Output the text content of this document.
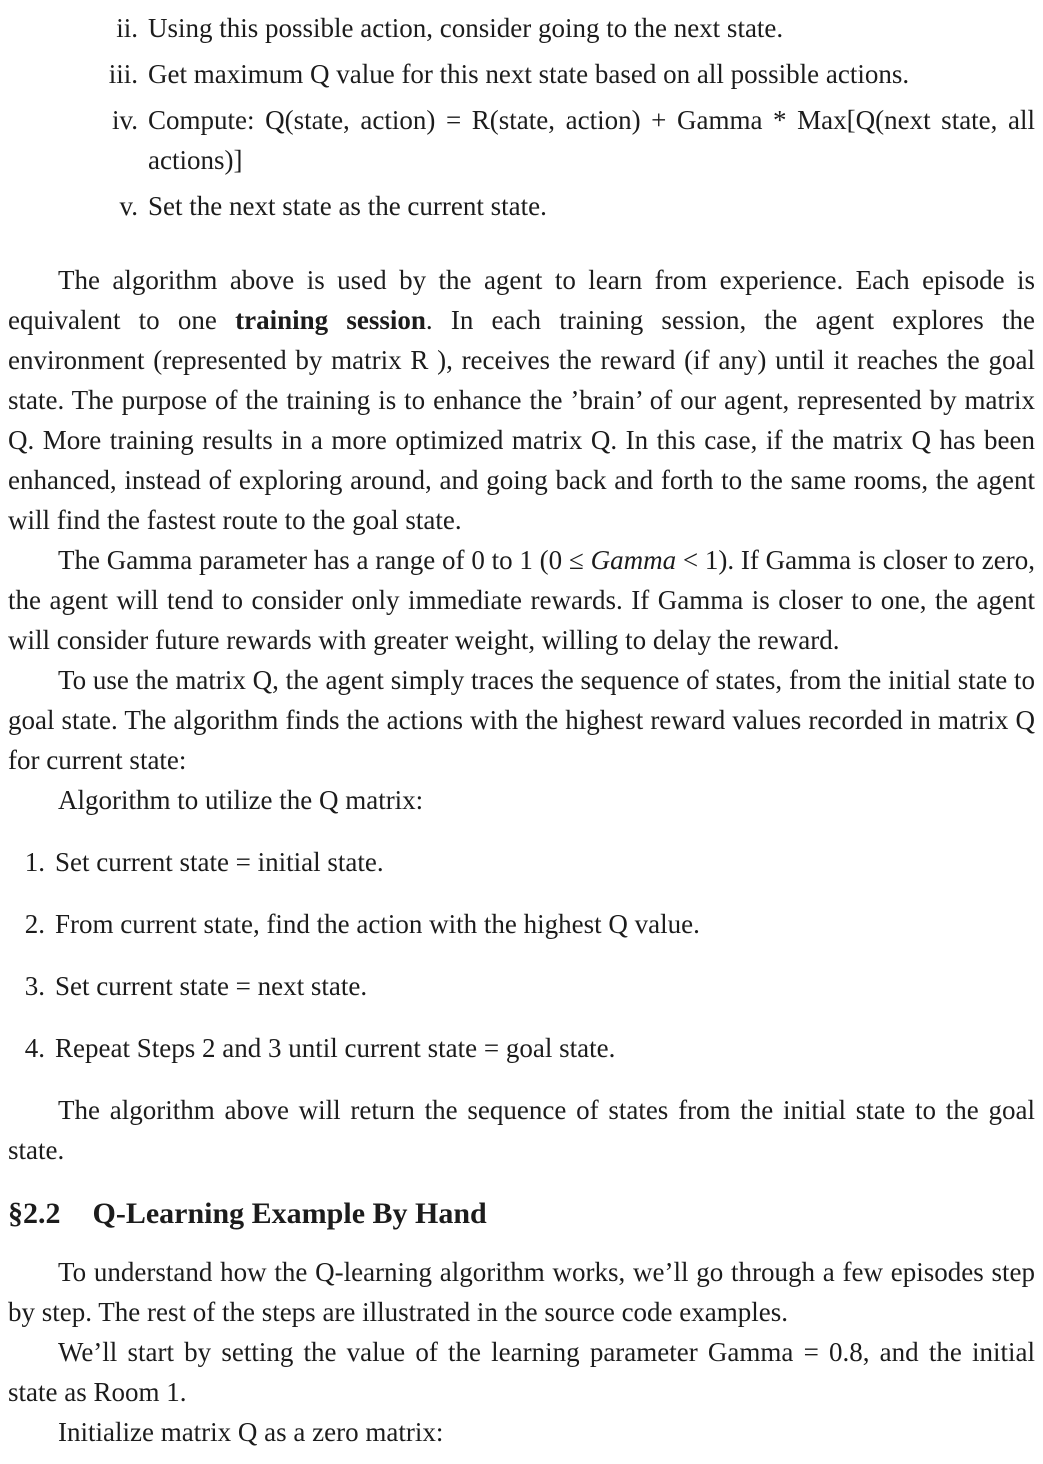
ii. Using this possible action, consider going to the next state.
iii. Get maximum Q value for this next state based on all possible actions.
iv. Compute: Q(state, action) = R(state, action) + Gamma * Max[Q(next state, all actions)]
v. Set the next state as the current state.

The algorithm above is used by the agent to learn from experience. Each episode is equivalent to one training session. In each training session, the agent explores the environment (represented by matrix R ), receives the reward (if any) until it reaches the goal state. The purpose of the training is to enhance the ’brain’ of our agent, represented by matrix Q. More training results in a more optimized matrix Q. In this case, if the matrix Q has been enhanced, instead of exploring around, and going back and forth to the same rooms, the agent will find the fastest route to the goal state.

The Gamma parameter has a range of 0 to 1 (0 ≤ Gamma < 1). If Gamma is closer to zero, the agent will tend to consider only immediate rewards. If Gamma is closer to one, the agent will consider future rewards with greater weight, willing to delay the reward.

To use the matrix Q, the agent simply traces the sequence of states, from the initial state to goal state. The algorithm finds the actions with the highest reward values recorded in matrix Q for current state:

Algorithm to utilize the Q matrix:

1. Set current state = initial state.
2. From current state, find the action with the highest Q value.
3. Set current state = next state.
4. Repeat Steps 2 and 3 until current state = goal state.

The algorithm above will return the sequence of states from the initial state to the goal state.

§2.2 Q-Learning Example By Hand

To understand how the Q-learning algorithm works, we’ll go through a few episodes step by step. The rest of the steps are illustrated in the source code examples.

We’ll start by setting the value of the learning parameter Gamma = 0.8, and the initial state as Room 1.

Initialize matrix Q as a zero matrix:
